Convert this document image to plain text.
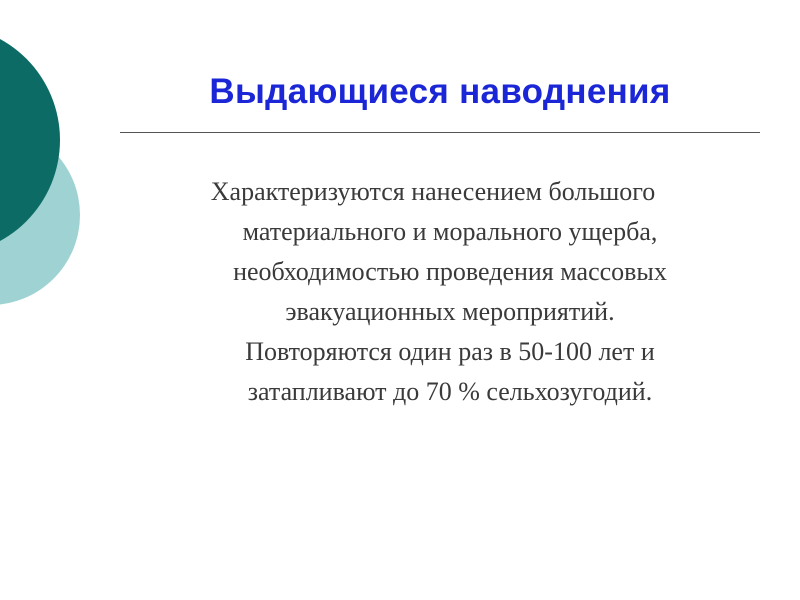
Выдающиеся наводнения
Характеризуются нанесением большого
материального и морального ущерба,
необходимостью проведения массовых
эвакуационных мероприятий.
Повторяются один раз в 50-100 лет и
затапливают до 70 % сельхозугодий.
